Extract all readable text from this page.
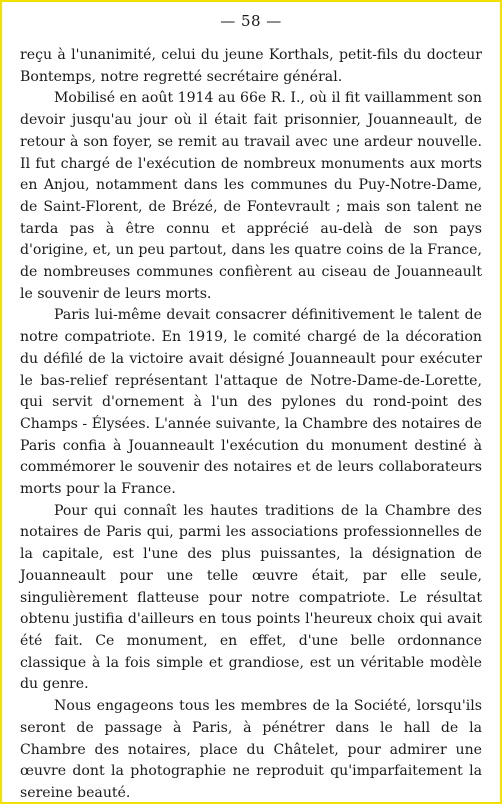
— 58 —

reçu à l'unanimité, celui du jeune Korthals, petit-fils du docteur Bontemps, notre regretté secrétaire général.

Mobilisé en août 1914 au 66e R. I., où il fit vaillamment son devoir jusqu'au jour où il était fait prisonnier, Jouanneault, de retour à son foyer, se remit au travail avec une ardeur nouvelle. Il fut chargé de l'exécution de nombreux monuments aux morts en Anjou, notamment dans les communes du Puy-Notre-Dame, de Saint-Florent, de Brézé, de Fontevrault ; mais son talent ne tarda pas à être connu et apprécié au-delà de son pays d'origine, et, un peu partout, dans les quatre coins de la France, de nombreuses communes confièrent au ciseau de Jouanneault le souvenir de leurs morts.

Paris lui-même devait consacrer définitivement le talent de notre compatriote. En 1919, le comité chargé de la décoration du défilé de la victoire avait désigné Jouanneault pour exécuter le bas-relief représentant l'attaque de Notre-Dame-de-Lorette, qui servit d'ornement à l'un des pylones du rond-point des Champs - Élysées. L'année suivante, la Chambre des notaires de Paris confia à Jouanneault l'exécution du monument destiné à commémorer le souvenir des notaires et de leurs collaborateurs morts pour la France.

Pour qui connaît les hautes traditions de la Chambre des notaires de Paris qui, parmi les associations professionnelles de la capitale, est l'une des plus puissantes, la désignation de Jouanneault pour une telle œuvre était, par elle seule, singulièrement flatteuse pour notre compatriote. Le résultat obtenu justifia d'ailleurs en tous points l'heureux choix qui avait été fait. Ce monument, en effet, d'une belle ordonnance classique à la fois simple et grandiose, est un véritable modèle du genre.

Nous engageons tous les membres de la Société, lorsqu'ils seront de passage à Paris, à pénétrer dans le hall de la Chambre des notaires, place du Châtelet, pour admirer une œuvre dont la photographie ne reproduit qu'imparfaitement la sereine beauté.
